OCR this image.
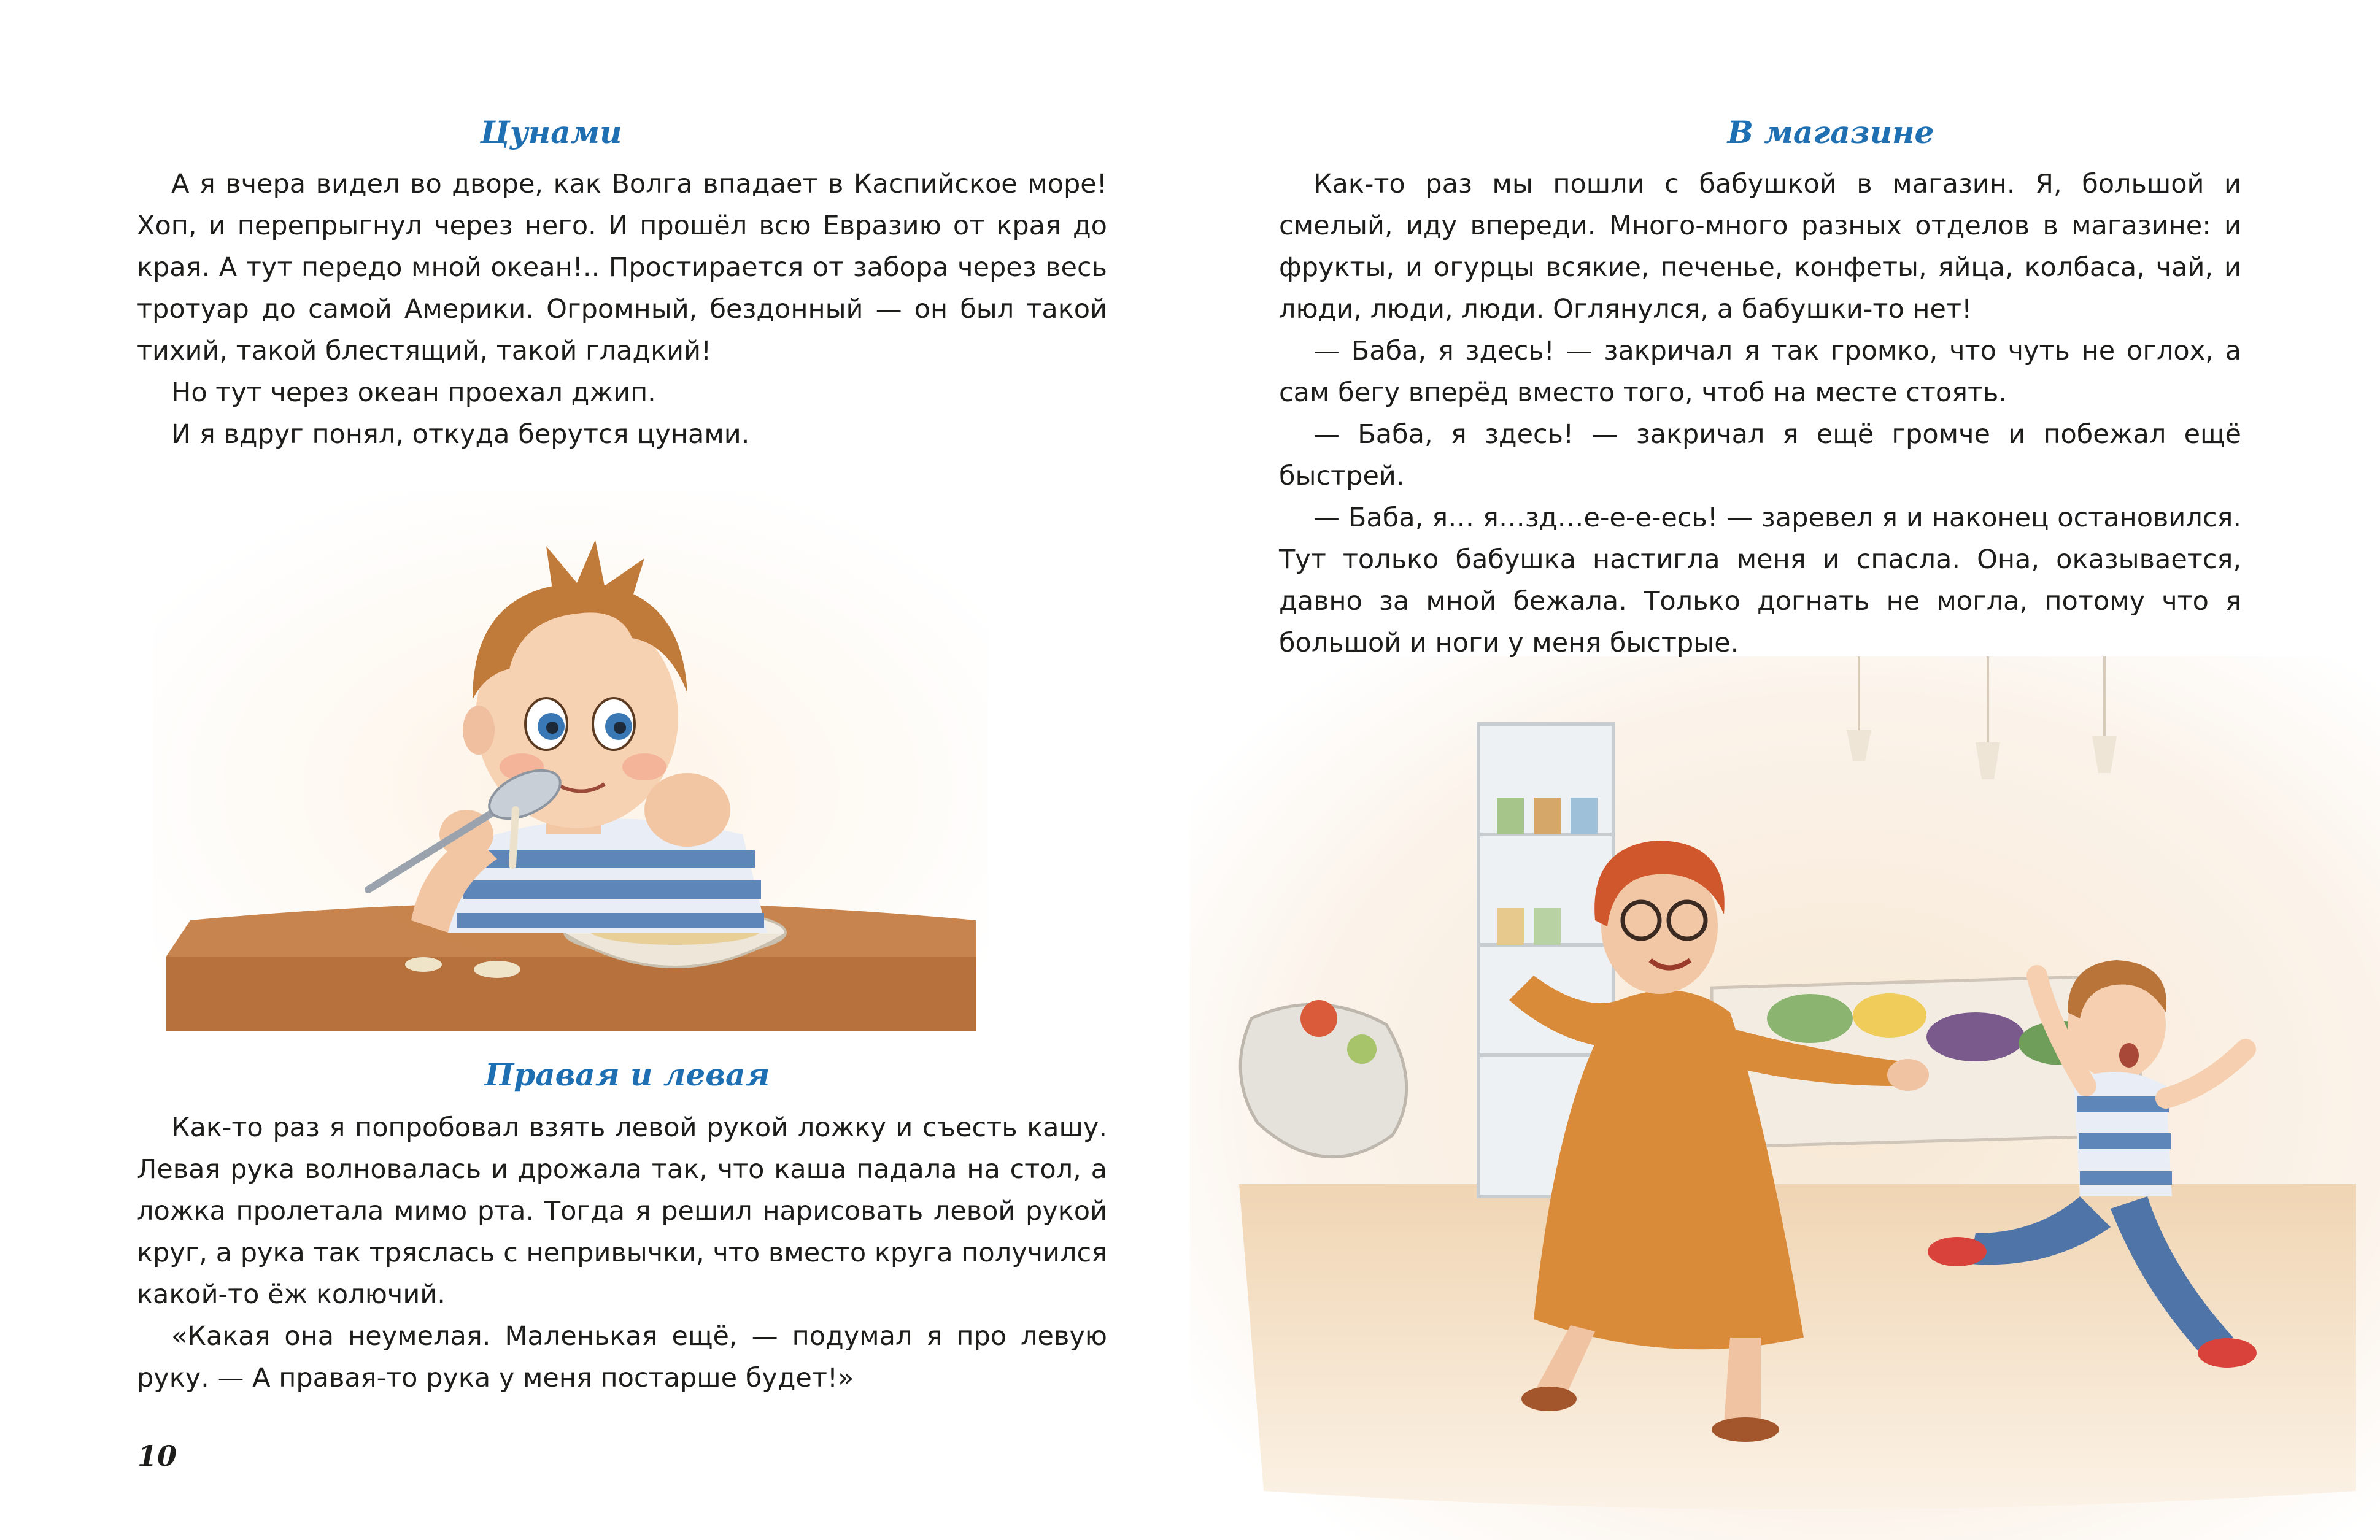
Цунами

А я вчера видел во дворе, как Волга впадает в Каспийское море! Хоп, и перепрыгнул через него. И прошёл всю Евразию от края до края. А тут передо мной океан!.. Простирается от забора через весь тротуар до самой Америки. Огромный, бездонный — он был такой тихий, такой блестящий, такой гладкий!

Но тут через океан проехал джип.

И я вдруг понял, откуда берутся цунами.

Правая и левая

Как-то раз я попробовал взять левой рукой ложку и съесть кашу. Левая рука волновалась и дрожала так, что каша падала на стол, а ложка пролетала мимо рта. Тогда я решил нарисовать левой рукой круг, а рука так тряслась с непривычки, что вместо круга получился какой-то ёж колючий.

«Какая она неумелая. Маленькая ещё, — подумал я про левую руку. — А правая-то рука у меня постарше будет!»

10
В магазине

Как-то раз мы пошли с бабушкой в магазин. Я, большой и смелый, иду впереди. Много-много разных отделов в магазине: и фрукты, и огурцы всякие, печенье, конфеты, яйца, колбаса, чай, и люди, люди, люди. Оглянулся, а бабушки-то нет!

— Баба, я здесь! — закричал я так громко, что чуть не оглох, а сам бегу вперёд вместо того, чтоб на месте стоять.

— Баба, я здесь! — закричал я ещё громче и побежал ещё быстрей.

— Баба, я… я…зд…е-е-е-есь! — заревел я и наконец остановился. Тут только бабушка настигла меня и спасла. Она, оказывается, давно за мной бежала. Только догнать не могла, потому что я большой и ноги у меня быстрые.
